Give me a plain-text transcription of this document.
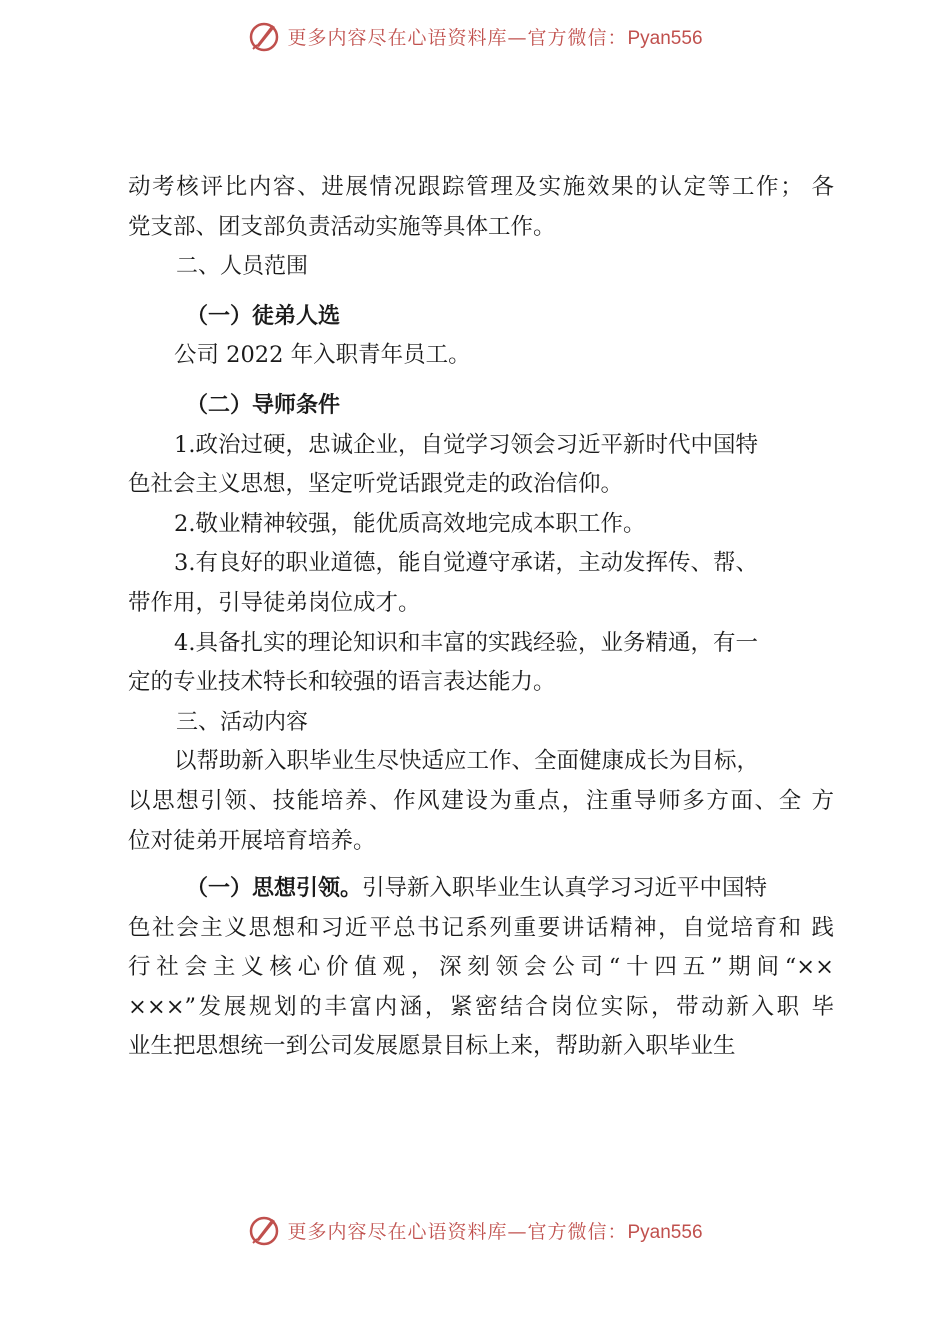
更多内容尽在心语资料库—官方微信：Pyan556
动考核评比内容、进展情况跟踪管理及实施效果的认定等工作； 各
党支部、团支部负责活动实施等具体工作。
二、人员范围
（一）徒弟人选
公司 2022 年入职青年员工。
（二）导师条件
1.政治过硬，忠诚企业，自觉学习领会习近平新时代中国特
色社会主义思想，坚定听党话跟党走的政治信仰。
2.敬业精神较强，能优质高效地完成本职工作。
3.有良好的职业道德，能自觉遵守承诺，主动发挥传、帮、
带作用，引导徒弟岗位成才。
4.具备扎实的理论知识和丰富的实践经验，业务精通，有一
定的专业技术特长和较强的语言表达能力。
三、活动内容
以帮助新入职毕业生尽快适应工作、全面健康成长为目标，
以思想引领、技能培养、作风建设为重点，注重导师多方面、全 方
位对徒弟开展培育培养。
（一）思想引领。引导新入职毕业生认真学习习近平中国特
色社会主义思想和习近平总书记系列重要讲话精神，自觉培育和 践
行社会主义核心价值观，深刻领会公司“十四五”期间“××
×××”发展规划的丰富内涵，紧密结合岗位实际，带动新入职 毕
业生把思想统一到公司发展愿景目标上来，帮助新入职毕业生
更多内容尽在心语资料库—官方微信：Pyan556
